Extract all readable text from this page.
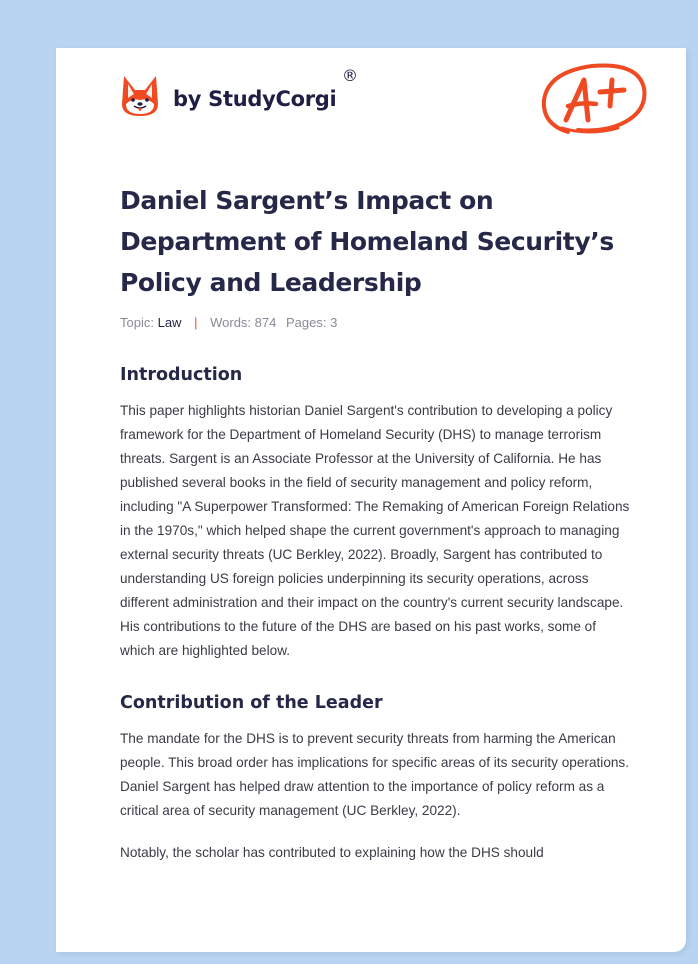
by StudyCorgi
®
Daniel Sargent’s Impact on Department of Homeland Security’s Policy and Leadership
Topic: Law | Words: 874 Pages: 3
Introduction

This paper highlights historian Daniel Sargent's contribution to developing a policy framework for the Department of Homeland Security (DHS) to manage terrorism threats. Sargent is an Associate Professor at the University of California. He has published several books in the field of security management and policy reform, including "A Superpower Transformed: The Remaking of American Foreign Relations in the 1970s," which helped shape the current government's approach to managing external security threats (UC Berkley, 2022). Broadly, Sargent has contributed to understanding US foreign policies underpinning its security operations, across different administration and their impact on the country's current security landscape. His contributions to the future of the DHS are based on his past works, some of which are highlighted below.

Contribution of the Leader

The mandate for the DHS is to prevent security threats from harming the American people. This broad order has implications for specific areas of its security operations. Daniel Sargent has helped draw attention to the importance of policy reform as a critical area of security management (UC Berkley, 2022).

Notably, the scholar has contributed to explaining how the DHS should
